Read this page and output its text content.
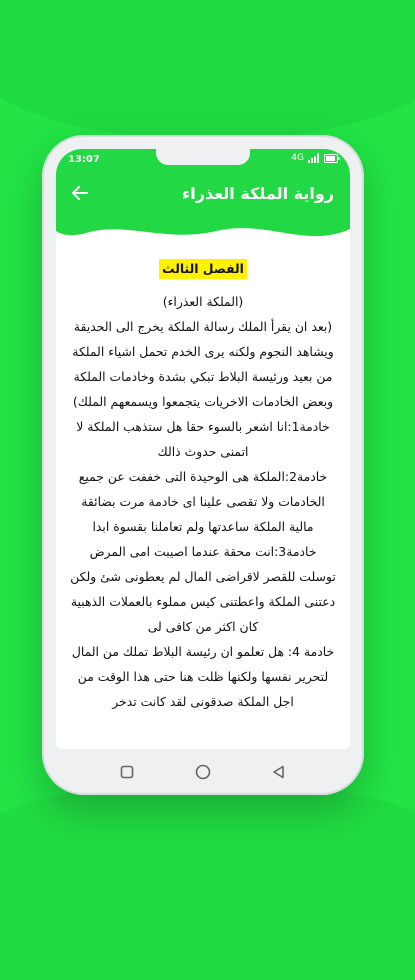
13:07	4G
رواية الملكة العذراء
الفصل الثالث

(الملكة العذراء)

(بعد ان يقرأ الملك رسالة الملكة يخرج الى الحديقة ويشاهد النجوم ولكنه يرى الخدم تحمل اشياء الملكة من بعيد ورئيسة البلاط تبكي بشدة وخادمات الملكة وبعض الخادمات الاخريات يتجمعوا ويسمعهم الملك)

خادمة1:انا اشعر بالسوء حقا هل ستذهب الملكة لا اتمنى حدوث ذالك

خادمة2:الملكة هى الوحيدة التى خففت عن جميع الخادمات ولا تقصى علينا اى خادمة مرت بضائقة مالية الملكة ساعدتها ولم تعاملنا بقسوة ابدا

خادمة3:انت محقة عندما اصيبت امى المرض توسلت للقصر لاقراضى المال لم يعطونى شئ ولكن دعتنى الملكة واعطتنى كيس مملوء بالعملات الذهبية كان اكثر من كافى لى

خادمة 4: هل تعلمو ان رئيسة البلاط تملك من المال لتحرير نفسها ولكنها ظلت هنا حتى هذا الوقت من اجل الملكة صدقونى لقد كانت تدخر
